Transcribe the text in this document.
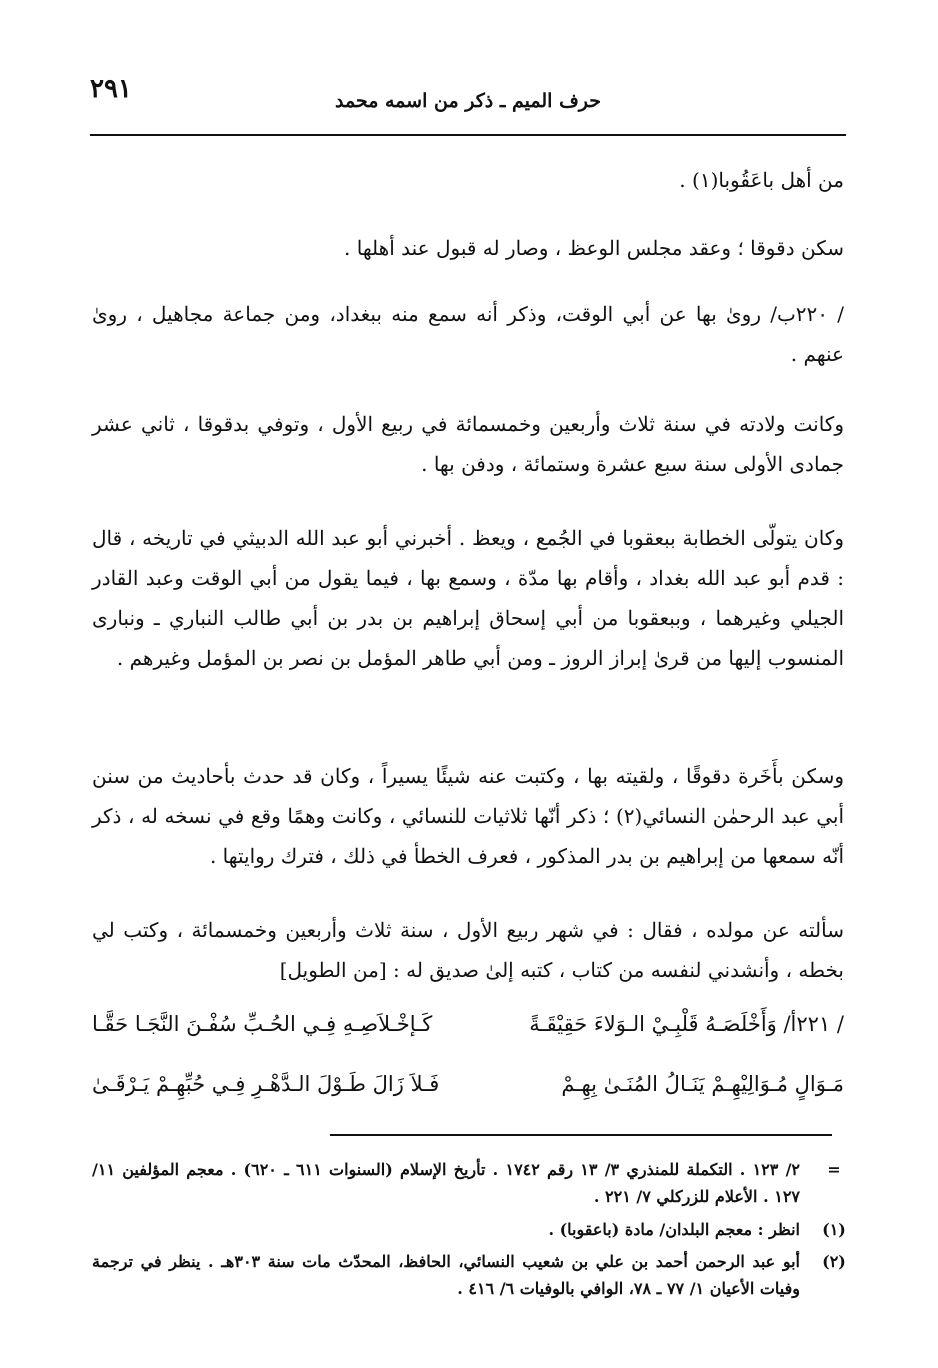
٢٩١	حرف الميم ـ ذكر من اسمه محمد
من أهل باعَقُوبا(١) .
سكن دقوقا ؛ وعقد مجلس الوعظ ، وصار له قبول عند أهلها .
/ ٢٢٠ب/ روىٰ بها عن أبي الوقت، وذكر أنه سمع منه ببغداد، ومن جماعة مجاهيل ، روىٰ عنهم .
وكانت ولادته في سنة ثلاث وأربعين وخمسمائة في ربيع الأول ، وتوفي بدقوقا ، ثاني عشر جمادى الأولى سنة سبع عشرة وستمائة ، ودفن بها .
وكان يتولّى الخطابة ببعقوبا في الجُمع ، ويعظ . أخبرني أبو عبد الله الدبيثي في تاريخه ، قال : قدم أبو عبد الله بغداد ، وأقام بها مدّة ، وسمع بها ، فيما يقول من أبي الوقت وعبد القادر الجيلي وغيرهما ، وببعقوبا من أبي إسحاق إبراهيم بن بدر بن أبي طالب النباري ـ ونبارى المنسوب إليها من قرىٰ إبراز الروز ـ ومن أبي طاهر المؤمل بن نصر بن المؤمل وغيرهم .
وسكن بأَخَرة دقوقًا ، ولقيته بها ، وكتبت عنه شيئًا يسيراً ، وكان قد حدث بأحاديث من سنن أبي عبد الرحمٰن النسائي(٢) ؛ ذكر أنّها ثلاثيات للنسائي ، وكانت وهمًا وقع في نسخه له ، ذكر أنّه سمعها من إبراهيم بن بدر المذكور ، فعرف الخطأ في ذلك ، فترك روايتها .
سألته عن مولده ، فقال : في شهر ربيع الأول ، سنة ثلاث وأربعين وخمسمائة ، وكتب لي بخطه ، وأنشدني لنفسه من كتاب ، كتبه إلىٰ صديق له : [من الطويل]
/ ٢٢١أ/ وَأَخْلَصَـهُ قَلْبِـيْ الـوَلاءَ حَقِيْقَـةً
كَـإخْـلاَصِـهِ فِـي الحُـبِّ سُفْـنَ النَّجَـا حَقَّـا
مَـوَالٍ مُـوَالِيْهِـمْ يَنَـالُ المُنَـىٰ بِهِـمْ
فَـلاَ زَالَ طَـوْلَ الـدَّهْـرِ فِـي حُبِّهِـمْ يَـرْقَـىٰ
=
٢/ ١٢٣ . التكملة للمنذري ٣/ ١٣ رقم ١٧٤٢ . تأريخ الإسلام (السنوات ٦١١ ـ ٦٢٠) . معجم المؤلفين ١١/ ١٢٧ . الأعلام للزركلي ٧/ ٢٢١ .
(١)
انظر : معجم البلدان/ مادة (باعقوبا) .
(٢)
أبو عبد الرحمن أحمد بن علي بن شعيب النسائي، الحافظ، المحدّث مات سنة ٣٠٣هـ . ينظر في ترجمة وفيات الأعيان ١/ ٧٧ ـ ٧٨، الوافي بالوفيات ٦/ ٤١٦ .
